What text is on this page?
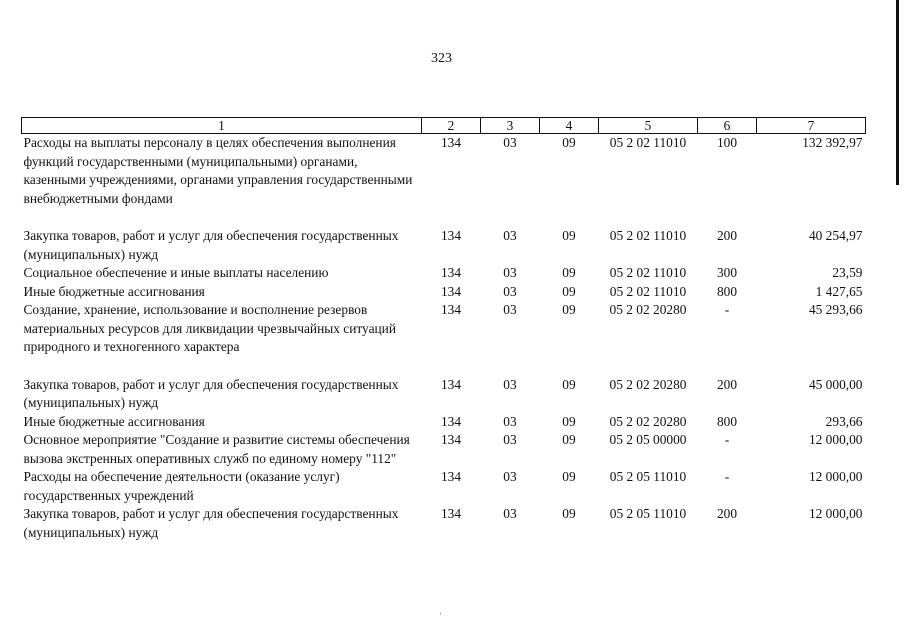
323
1	2	3	4	5	6	7
Расходы на выплаты персоналу в целях обеспечения выполнения функций государственными (муниципальными) органами, казенными учреждениями, органами управления государственными внебюджетными фондами	134	03	09	05 2 02 11010	100	132 392,97
Закупка товаров, работ и услуг для обеспечения государственных (муниципальных) нужд	134	03	09	05 2 02 11010	200	40 254,97
Социальное обеспечение и иные выплаты населению	134	03	09	05 2 02 11010	300	23,59
Иные бюджетные ассигнования	134	03	09	05 2 02 11010	800	1 427,65
Создание, хранение, использование и восполнение резервов материальных ресурсов для ликвидации чрезвычайных ситуаций природного и техногенного характера	134	03	09	05 2 02 20280	-	45 293,66
Закупка товаров, работ и услуг для обеспечения государственных (муниципальных) нужд	134	03	09	05 2 02 20280	200	45 000,00
Иные бюджетные ассигнования	134	03	09	05 2 02 20280	800	293,66
Основное мероприятие "Создание и развитие системы обеспечения вызова экстренных оперативных служб по единому номеру "112"	134	03	09	05 2 05 00000	-	12 000,00
Расходы на обеспечение деятельности (оказание услуг) государственных учреждений	134	03	09	05 2 05 11010	-	12 000,00
Закупка товаров, работ и услуг для обеспечения государственных (муниципальных) нужд	134	03	09	05 2 05 11010	200	12 000,00
